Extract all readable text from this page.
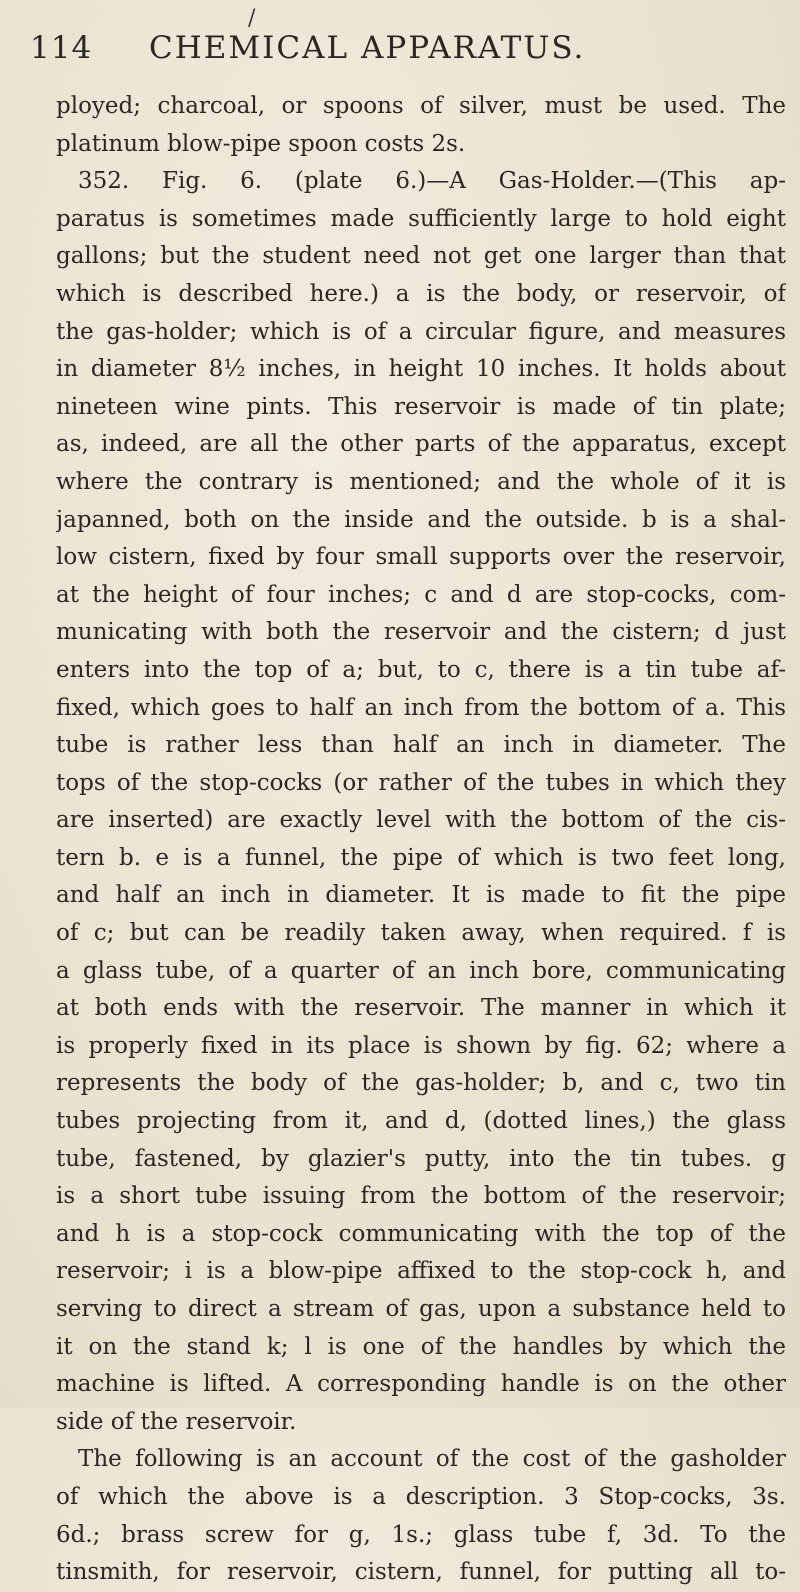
/
114 CHEMICAL APPARATUS.
ployed; charcoal, or spoons of silver, must be used. The
platinum blow-pipe spoon costs 2s.
352. Fig. 6. (plate 6.)—A Gas-Holder.—(This ap-
paratus is sometimes made sufficiently large to hold eight
gallons; but the student need not get one larger than that
which is described here.) a is the body, or reservoir, of
the gas-holder; which is of a circular figure, and measures
in diameter 8½ inches, in height 10 inches. It holds about
nineteen wine pints. This reservoir is made of tin plate;
as, indeed, are all the other parts of the apparatus, except
where the contrary is mentioned; and the whole of it is
japanned, both on the inside and the outside. b is a shal-
low cistern, fixed by four small supports over the reservoir,
at the height of four inches; c and d are stop-cocks, com-
municating with both the reservoir and the cistern; d just
enters into the top of a; but, to c, there is a tin tube af-
fixed, which goes to half an inch from the bottom of a. This
tube is rather less than half an inch in diameter. The
tops of the stop-cocks (or rather of the tubes in which they
are inserted) are exactly level with the bottom of the cis-
tern b. e is a funnel, the pipe of which is two feet long,
and half an inch in diameter. It is made to fit the pipe
of c; but can be readily taken away, when required. f is
a glass tube, of a quarter of an inch bore, communicating
at both ends with the reservoir. The manner in which it
is properly fixed in its place is shown by fig. 62; where a
represents the body of the gas-holder; b, and c, two tin
tubes projecting from it, and d, (dotted lines,) the glass
tube, fastened, by glazier's putty, into the tin tubes. g
is a short tube issuing from the bottom of the reservoir;
and h is a stop-cock communicating with the top of the
reservoir; i is a blow-pipe affixed to the stop-cock h, and
serving to direct a stream of gas, upon a substance held to
it on the stand k; l is one of the handles by which the
machine is lifted. A corresponding handle is on the other
side of the reservoir.
The following is an account of the cost of the gasholder
of which the above is a description. 3 Stop-cocks, 3s.
6d.; brass screw for g, 1s.; glass tube f, 3d. To the
tinsmith, for reservoir, cistern, funnel, for putting all to-
